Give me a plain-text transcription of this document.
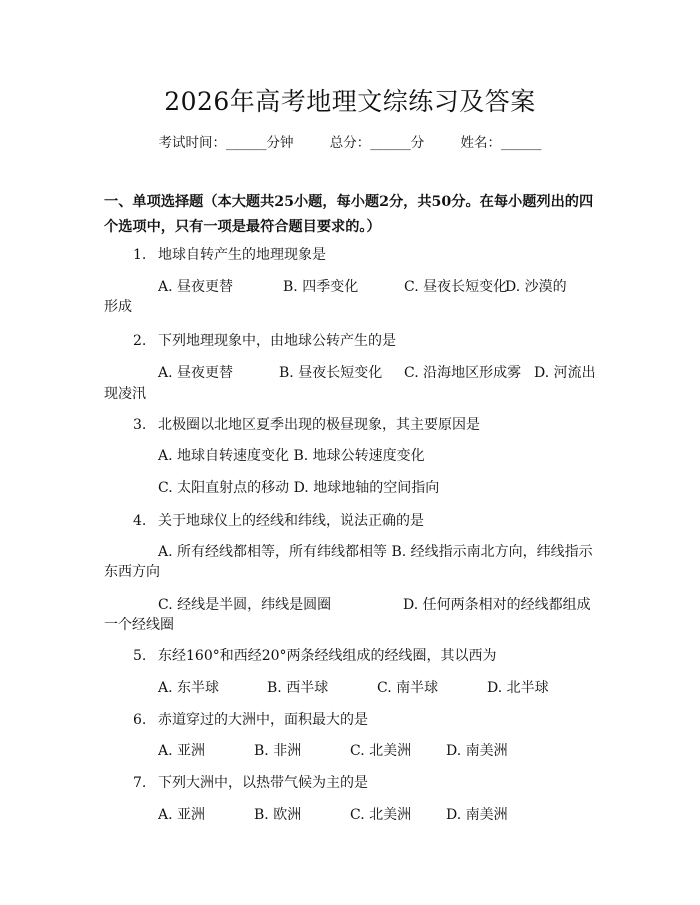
2026年高考地理文综练习及答案
考试时间：______分钟	总分：______分	姓名：______
一、单项选择题（本大题共25小题，每小题2分，共50分。在每小题列出的四个选项中，只有一项是最符合题目要求的。）
1. 地球自转产生的地理现象是
A. 昼夜更替	B. 四季变化	C. 昼夜长短变化D. 沙漠的
形成
2. 下列地理现象中，由地球公转产生的是
A. 昼夜更替	B. 昼夜长短变化 C. 沿海地区形成雾 D. 河流出
现凌汛
3. 北极圈以北地区夏季出现的极昼现象，其主要原因是
A. 地球自转速度变化 B. 地球公转速度变化
C. 太阳直射点的移动 D. 地球地轴的空间指向
4. 关于地球仪上的经线和纬线，说法正确的是
A. 所有经线都相等，所有纬线都相等 B. 经线指示南北方向，纬线指示
东西方向
C. 经线是半圆，纬线是圆圈	D. 任何两条相对的经线都组成
一个经线圈
5. 东经160°和西经20°两条经线组成的经线圈，其以西为
A. 东半球	B. 西半球	C. 南半球	D. 北半球
6. 赤道穿过的大洲中，面积最大的是
A. 亚洲	B. 非洲	C. 北美洲 D. 南美洲
7. 下列大洲中，以热带气候为主的是
A. 亚洲	B. 欧洲	C. 北美洲 D. 南美洲
